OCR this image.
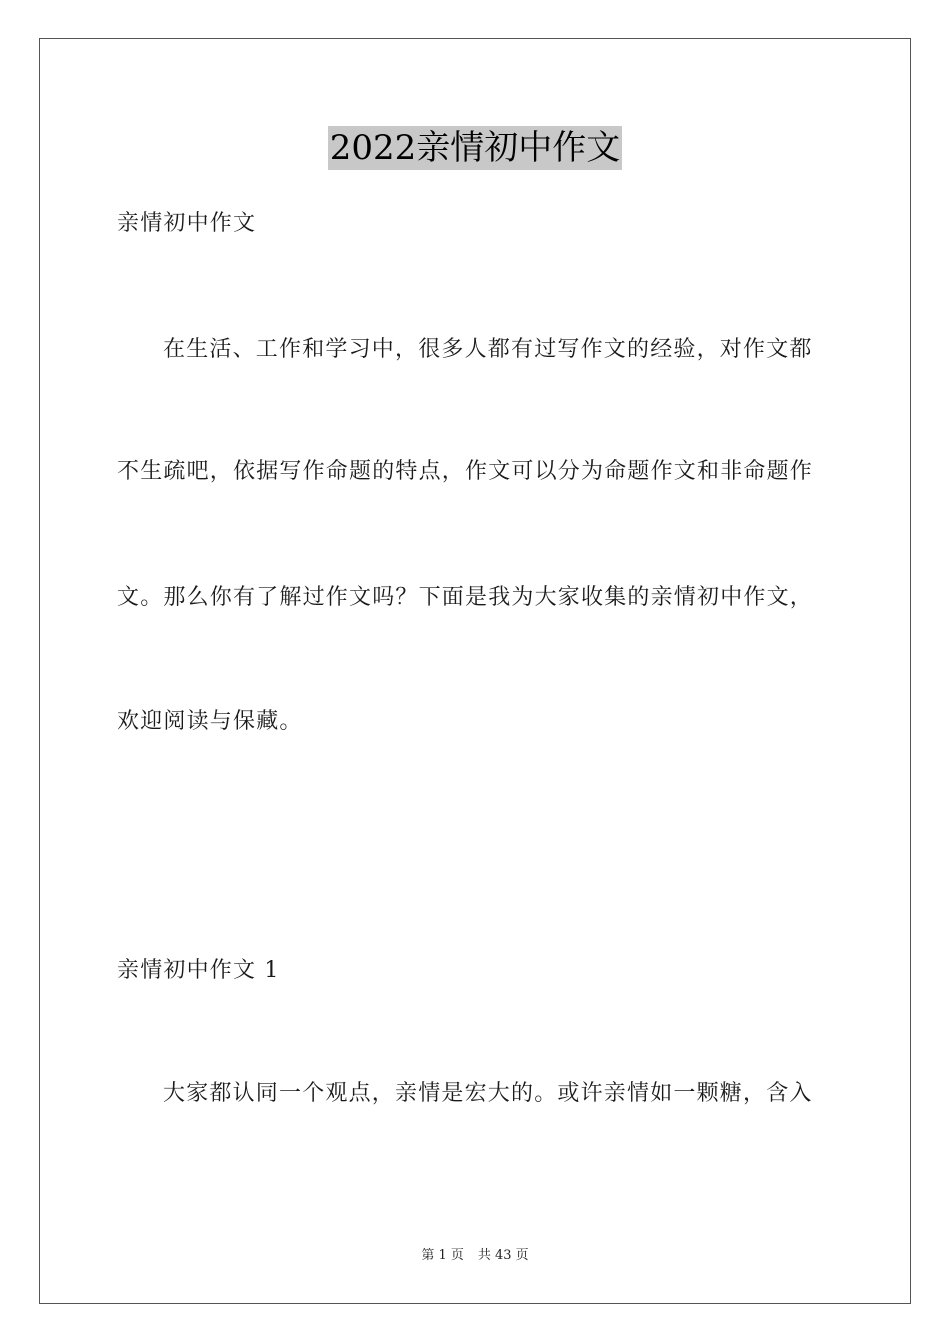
2022亲情初中作文
亲情初中作文
在生活、工作和学习中，很多人都有过写作文的经验，对作文都
不生疏吧，依据写作命题的特点，作文可以分为命题作文和非命题作
文。那么你有了解过作文吗？下面是我为大家收集的亲情初中作文，
欢迎阅读与保藏。
亲情初中作文 1
大家都认同一个观点，亲情是宏大的。或许亲情如一颗糖，含入
第 1 页 共 43 页
